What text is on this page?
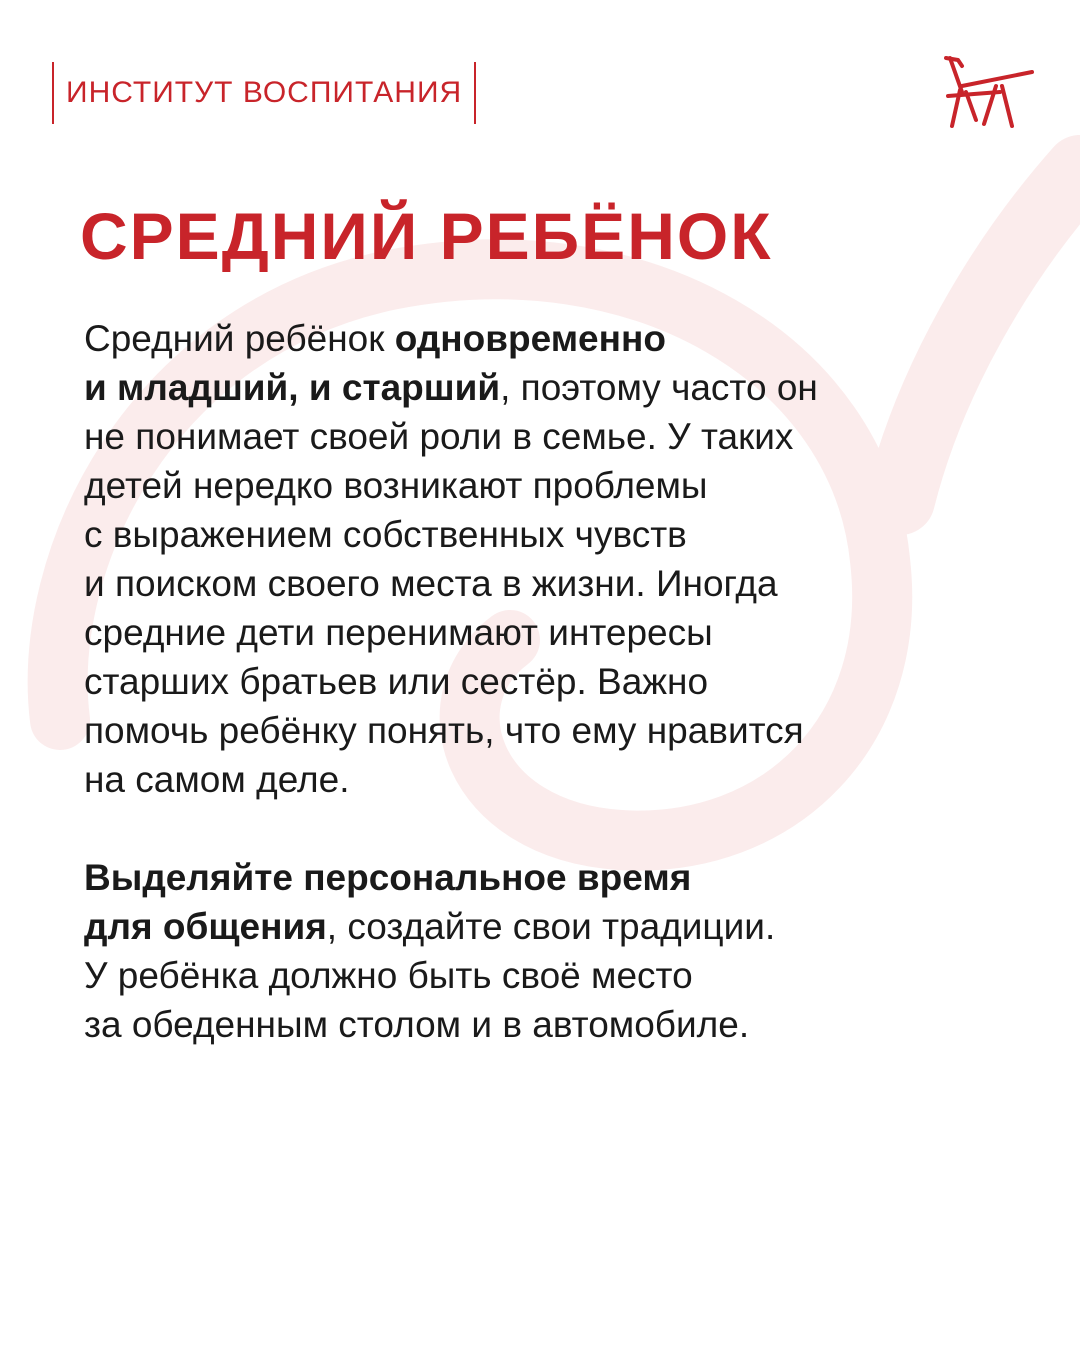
ИНСТИТУТ ВОСПИТАНИЯ
СРЕДНИЙ РЕБЁНОК

Средний ребёнок одновременно
и младший, и старший, поэтому часто он
не понимает своей роли в семье. У таких
детей нередко возникают проблемы
с выражением собственных чувств
и поиском своего места в жизни. Иногда
средние дети перенимают интересы
старших братьев или сестёр. Важно
помочь ребёнку понять, что ему нравится
на самом деле.

Выделяйте персональное время
для общения, создайте свои традиции.
У ребёнка должно быть своё место
за обеденным столом и в автомобиле.
